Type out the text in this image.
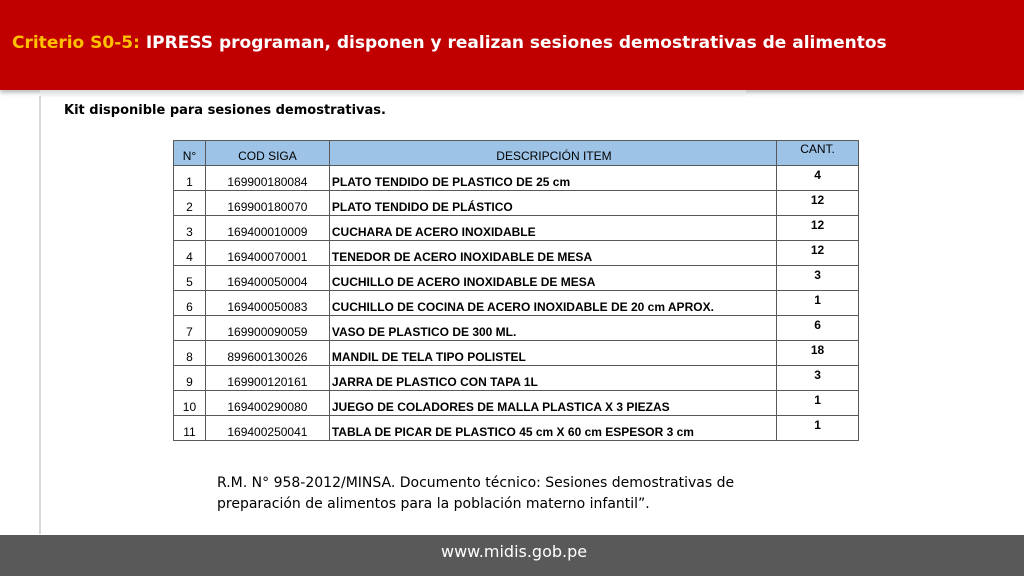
Criterio S0-5: IPRESS programan, disponen y realizan sesiones demostrativas de alimentos
Kit disponible para sesiones demostrativas.
N°	COD SIGA	DESCRIPCIÓN ITEM	CANT.
1	169900180084	PLATO TENDIDO DE PLASTICO DE 25 cm	4
2	169900180070	PLATO TENDIDO DE PLÁSTICO	12
3	169400010009	CUCHARA DE ACERO INOXIDABLE	12
4	169400070001	TENEDOR DE ACERO INOXIDABLE DE MESA	12
5	169400050004	CUCHILLO DE ACERO INOXIDABLE DE MESA	3
6	169400050083	CUCHILLO DE COCINA DE ACERO INOXIDABLE DE 20 cm APROX.	1
7	169900090059	VASO DE PLASTICO DE 300 ML.	6
8	899600130026	MANDIL DE TELA TIPO POLISTEL	18
9	169900120161	JARRA DE PLASTICO CON TAPA 1L	3
10	169400290080	JUEGO DE COLADORES DE MALLA PLASTICA X 3 PIEZAS	1
11	169400250041	TABLA DE PICAR DE PLASTICO 45 cm X 60 cm ESPESOR 3 cm	1
R.M. N° 958-2012/MINSA. Documento técnico: Sesiones demostrativas de preparación de alimentos para la población materno infantil”.
www.midis.gob.pe
